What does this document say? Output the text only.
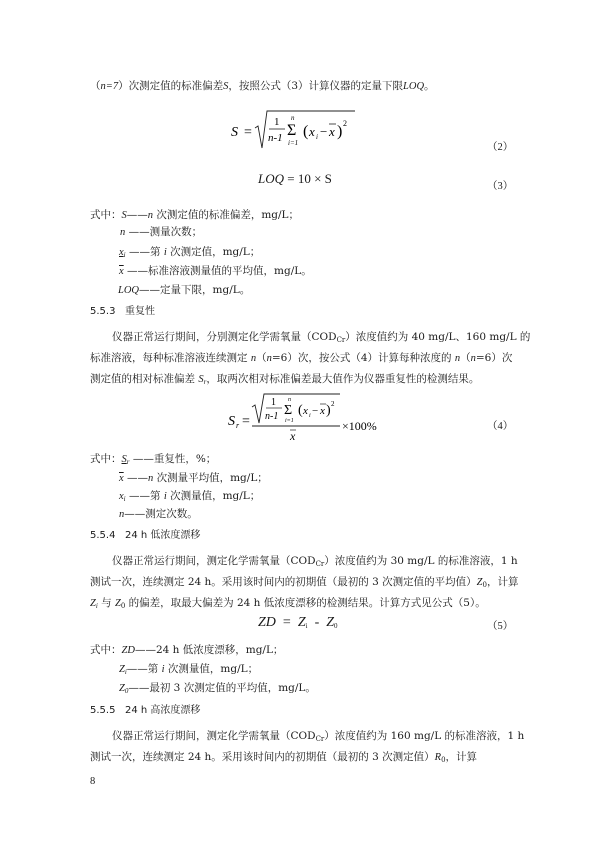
（n=7）次测定值的标准偏差S，按照公式（3）计算仪器的定量下限LOQ。
S =
1
n-1
n
Σ
i=1
( x i − x ) 2
（2）
LOQ = 10 × S
（3）
式中：S——n 次测定值的标准偏差，mg/L；
n ——测量次数；
$x_i$ ——第 i 次测定值，mg/L；
$\overline{x}$ ——标准溶液测量值的平均值，mg/L。
LOQ——定量下限，mg/L。
5.5.3 重复性
仪器正常运行期间，分别测定化学需氧量$(COD_{Cr})$浓度值约为 40 mg/L、160 mg/L 的
标准溶液，每种标准溶液连续测定 n（n=6）次，按公式（4）计算每种浓度的 n（n=6）次
测定值的相对标准偏差 $S_r$，取两次相对标准偏差最大值作为仪器重复性的检测结果。
S r =
1
n-1
n
Σ
i=1
( x i − x ) 2
x
×100%	（4）
式中：$S_r$ ——重复性，%；
$\overline{x}$ ——n 次测量平均值，mg/L；
$x_i$ ——第 i 次测量值，mg/L；
n——测定次数。
5.5.4 24 h 低浓度漂移
仪器正常运行期间，测定化学需氧量$(COD_{Cr})$浓度值约为 30 mg/L 的标准溶液，1 h
测试一次，连续测定 24 h。采用该时间内的初期值（最初的 3 次测定值的平均值）$Z_0$，计算
$Z_i$ 与 $Z_0$ 的偏差，取最大偏差为 24 h 低浓度漂移的检测结果。计算方式见公式（5）。
ZD = $Z_i - Z_0$	（5）
式中：ZD——24 h 低浓度漂移，mg/L；
$Z_i——$第 i 次测量值，mg/L；
$Z_0——$最初 3 次测定值的平均值，mg/L。
5.5.5 24 h 高浓度漂移
仪器正常运行期间，测定化学需氧量$(COD_{Cr})$浓度值约为 160 mg/L 的标准溶液，1 h
测试一次，连续测定 24 h。采用该时间内的初期值（最初的 3 次测定值）$R_0$，计算
8
